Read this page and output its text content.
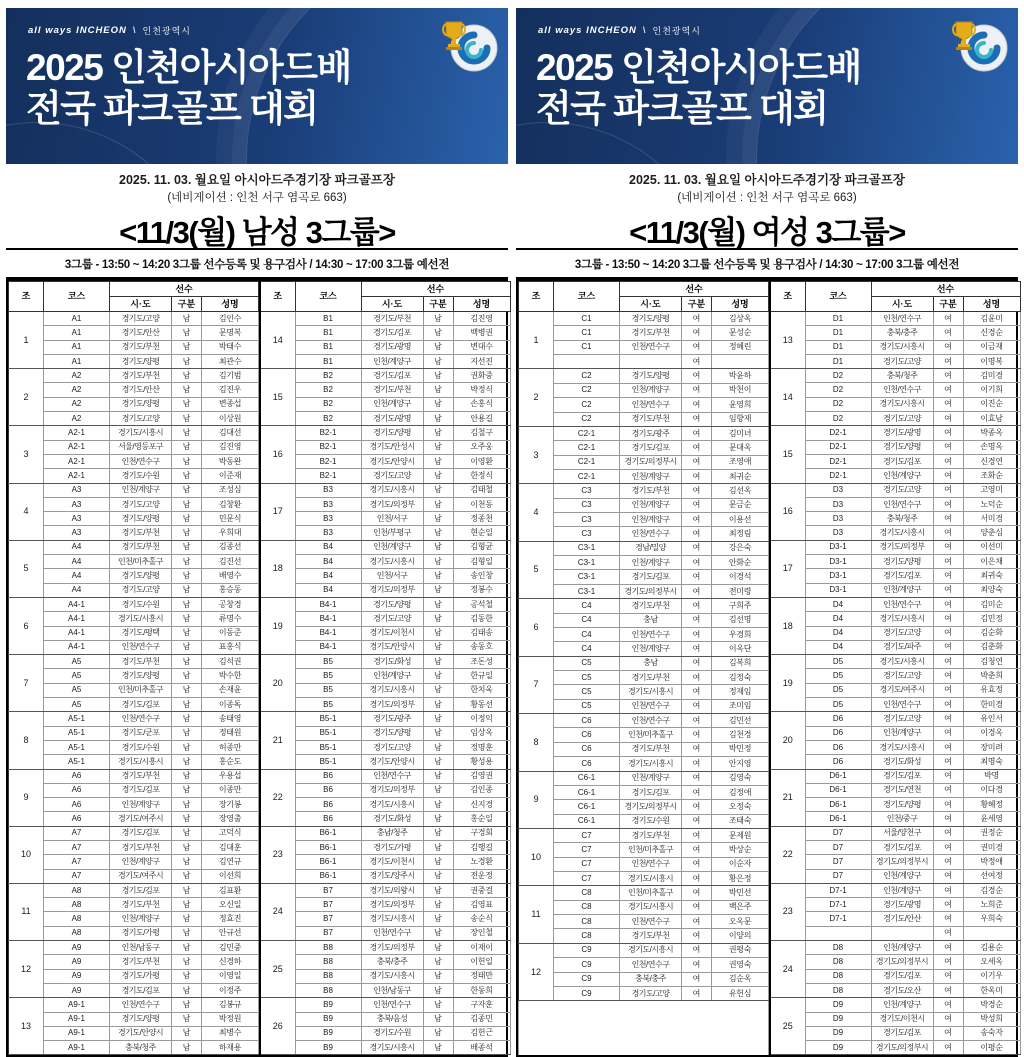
all ways INCHEON \ 인천광역시
2025 인천아시아드배
전국 파크골프 대회
2025. 11. 03. 월요일 아시아드주경기장 파크골프장
(네비게이션 : 인천 서구 염곡로 663)
<11/3(월) 남성 3그룹>
3그룹 - 13:50 ~ 14:20 3그룹 선수등록 및 용구검사 / 14:30 ~ 17:00 3그룹 예선전
조	코스	선수		
		시·도	구분	성명
1	A1	경기도/고양	남	김인수
	A1	경기도/안산	남	문명복
	A1	경기도/부천	남	박태수
	A1	경기도/양평	남	최관수
2	A2	경기도/부천	남	김기범
	A2	경기도/안산	남	김진우
	A2	경기도/양평	남	변종섭
	A2	경기도/고양	남	이상원
3	A2-1	경기도/시흥시	남	김대선
	A2-1	서울/영등포구	남	김진영
	A2-1	인천/연수구	남	박동완
	A2-1	경기도/수원	남	이준재
4	A3	인천/계양구	남	조성심
	A3	경기도/고양	남	김창환
	A3	경기도/양평	남	민문식
	A3	경기도/부천	남	우희대
5	A4	경기도/부천	남	김종선
	A4	인천/미추홀구	남	김진선
	A4	경기도/양평	남	배영수
	A4	경기도/고양	남	홍승동
6	A4-1	경기도/수원	남	공창경
	A4-1	경기도/시흥시	남	류명수
	A4-1	경기도/평택	남	이동준
	A4-1	인천/연수구	남	표홍식
7	A5	경기도/부천	남	김석권
	A5	경기도/양평	남	박수한
	A5	인천/미추홀구	남	손재윤
	A5	경기도/김포	남	이종독
8	A5-1	인천/연수구	남	송태영
	A5-1	경기도/군포	남	정태원
	A5-1	경기도/수원	남	허종만
	A5-1	경기도/시흥시	남	홍순도
9	A6	경기도/부천	남	우용섭
	A6	경기도/김포	남	이종만
	A6	인천/계양구	남	장기봉
	A6	경기도/여주시	남	장영출
10	A7	경기도/김포	남	고덕식
	A7	경기도/부천	남	김대훈
	A7	인천/계양구	남	김연규
	A7	경기도/여주시	남	이선희
11	A8	경기도/김포	남	김표환
	A8	경기도/부천	남	오신일
	A8	인천/계양구	남	정효진
	A8	경기도/가평	남	안규선
12	A9	인천/남동구	남	김민중
	A9	경기도/부천	남	신경하
	A9	경기도/가평	남	이영일
	A9	경기도/김포	남	이정주
13	A9-1	인천/연수구	남	김봉규
	A9-1	경기도/양평	남	박정원
	A9-1	경기도/안양시	남	최병수
	A9-1	충북/청주	남	하재용
조	코스	선수		
		시·도	구분	성명
14	B1	경기도/부천	남	김진영
	B1	경기도/김포	남	백병권
	B1	경기도/광명	남	변대수
	B1	인천/계양구	남	지선진
15	B2	경기도/김포	남	권화중
	B2	경기도/부천	남	박정식
	B2	인천/계양구	남	손홍식
	B2	경기도/광명	남	안용길
16	B2-1	경기도/양평	남	김철구
	B2-1	경기도/안성시	남	오주웅
	B2-1	경기도/안양시	남	이영환
	B2-1	경기도/고양	남	한정식
17	B3	경기도/시흥시	남	김태철
	B3	경기도/의정부	남	이천동
	B3	인천/서구	남	정종천
	B3	인천/부평구	남	현순일
18	B4	인천/계양구	남	김형균
	B4	경기도/시흥시	남	김형일
	B4	인천/서구	남	송인창
	B4	경기도/의정부	남	정봉수
19	B4-1	경기도/양평	남	공석철
	B4-1	경기도/고양	남	김동한
	B4-1	경기도/이천시	남	김태송
	B4-1	경기도/안양시	남	송동호
20	B5	경기도/화성	남	조돈성
	B5	인천/계양구	남	한규일
	B5	경기도/시흥시	남	한치욱
	B5	경기도/의정부	남	황동선
21	B5-1	경기도/광주	남	이정익
	B5-1	경기도/양평	남	임상옥
	B5-1	경기도/고양	남	정명훈
	B5-1	경기도/안양시	남	황성용
22	B6	인천/연수구	남	김영권
	B6	경기도/의정부	남	김인종
	B6	경기도/시흥시	남	신지경
	B6	경기도/화성	남	홍순일
23	B6-1	충남/청주	남	구경회
	B6-1	경기도/가평	남	김행길
	B6-1	경기도/이천시	남	노경환
	B6-1	경기도/양주시	남	전운정
24	B7	경기도/의왕시	남	권중걸
	B7	경기도/의정부	남	김영표
	B7	경기도/시흥시	남	송순식
	B7	인천/연수구	남	장인철
25	B8	경기도/의정부	남	이재이
	B8	충북/충주	남	이헌일
	B8	경기도/시흥시	남	정태만
	B8	인천/남동구	남	한동희
26	B9	인천/연수구	남	구자훈
	B9	충북/음성	남	김종민
	B9	경기도/수원	남	김헌근
	B9	경기도/시흥시	남	배종석
all ways INCHEON \ 인천광역시
2025 인천아시아드배
전국 파크골프 대회
2025. 11. 03. 월요일 아시아드주경기장 파크골프장
(네비게이션 : 인천 서구 염곡로 663)
<11/3(월) 여성 3그룹>
3그룹 - 13:50 ~ 14:20 3그룹 선수등록 및 용구검사 / 14:30 ~ 17:00 3그룹 예선전
조	코스	선수		
		시·도	구분	성명
1	C1	경기도/양평	여	김상옥
	C1	경기도/부천	여	문성순
	C1	인천/연수구	여	정혜린
			여	
2	C2	경기도/양평	여	박윤하
	C2	인천/계양구	여	박천이
	C2	인천/연수구	여	윤영희
	C2	경기도/부천	여	임향재
3	C2-1	경기도/광주	여	김미녀
	C2-1	경기도/김포	여	문대옥
	C2-1	경기도/의정부시	여	조영애
	C2-1	인천/계양구	여	최귀순
4	C3	경기도/부천	여	김선옥
	C3	인천/계양구	여	문금순
	C3	인천/계양구	여	이용선
	C3	인천/연수구	여	최정림
5	C3-1	경남/밀양	여	강은숙
	C3-1	인천/계양구	여	안화순
	C3-1	경기도/김포	여	이경석
	C3-1	경기도/의정부시	여	전미령
6	C4	경기도/부천	여	구희주
	C4	충남	여	김선명
	C4	인천/연수구	여	우경희
	C4	인천/계양구	여	이옥단
7	C5	충남	여	김복희
	C5	경기도/부천	여	김정숙
	C5	경기도/시흥시	여	정재임
	C5	인천/연수구	여	조미임
8	C6	인천/연수구	여	김민선
	C6	인천/미추홀구	여	김천경
	C6	경기도/부천	여	박민정
	C6	경기도/시흥시	여	안지영
9	C6-1	인천/계양구	여	김영숙
	C6-1	경기도/김포	여	김정애
	C6-1	경기도/의정부시	여	오정숙
	C6-1	경기도/수원	여	조태숙
10	C7	경기도/부천	여	문제원
	C7	인천/미추홀구	여	박상순
	C7	인천/연수구	여	이순자
	C7	경기도/시흥시	여	황은정
11	C8	인천/미추홀구	여	박민선
	C8	경기도/시흥시	여	백은주
	C8	인천/연수구	여	오옥문
	C8	경기도/부천	여	이양의
12	C9	경기도/시흥시	여	권평숙
	C9	인천/연수구	여	권영숙
	C9	충북/충주	여	김순옥
	C9	경기도/고양	여	유헌심

조	코스	선수		
		시·도	구분	성명
13	D1	인천/연수구	여	김윤미
	D1	충북/충주	여	신경순
	D1	경기도/시흥시	여	이금재
	D1	경기도/고양	여	이명복
14	D2	충북/청주	여	김미경
	D2	인천/연수구	여	이기희
	D2	경기도/시흥시	여	이진순
	D2	경기도/고양	여	이효남
15	D2-1	경기도/광명	여	박종옥
	D2-1	경기도/양평	여	손명옥
	D2-1	경기도/김포	여	신경연
	D2-1	인천/계양구	여	조화순
16	D3	경기도/고양	여	고영미
	D3	인천/연수구	여	노덕순
	D3	충북/청주	여	서미경
	D3	경기도/시흥시	여	양춘심
17	D3-1	경기도/의정부	여	이선미
	D3-1	경기도/양평	여	이은채
	D3-1	경기도/김포	여	최귀숙
	D3-1	인천/계양구	여	최양숙
18	D4	인천/연수구	여	김미순
	D4	경기도/시흥시	여	김민정
	D4	경기도/고양	여	김순화
	D4	경기도/파주	여	김춘화
19	D5	경기도/시흥시	여	김청연
	D5	경기도/고양	여	박춘희
	D5	경기도/여주시	여	유효정
	D5	인천/연수구	여	한미경
20	D6	경기도/고양	여	유인서
	D6	인천/계양구	여	이경옥
	D6	경기도/시흥시	여	장미려
	D6	경기도/화성	여	최명숙
21	D6-1	경기도/김포	여	박명
	D6-1	경기도/연천	여	이다경
	D6-1	경기도/양평	여	황혜정
	D6-1	인천/중구	여	윤세영
22	D7	서울/양천구	여	권정순
	D7	경기도/김포	여	권미경
	D7	경기도/의정부시	여	박정애
	D7	인천/계양구	여	선여정
23	D7-1	인천/계양구	여	김경순
	D7-1	경기도/광명	여	노희준
	D7-1	경기도/안산	여	우희숙
			여	
24	D8	인천/계양구	여	김용순
	D8	경기도/의정부시	여	오세옥
	D8	경기도/김포	여	이기우
	D8	경기도/오산	여	한옥미
25	D9	인천/계양구	여	박경순
	D9	경기도/이천시	여	박성희
	D9	경기도/김포	여	송숙자
	D9	경기도/의정부시	여	이평순
